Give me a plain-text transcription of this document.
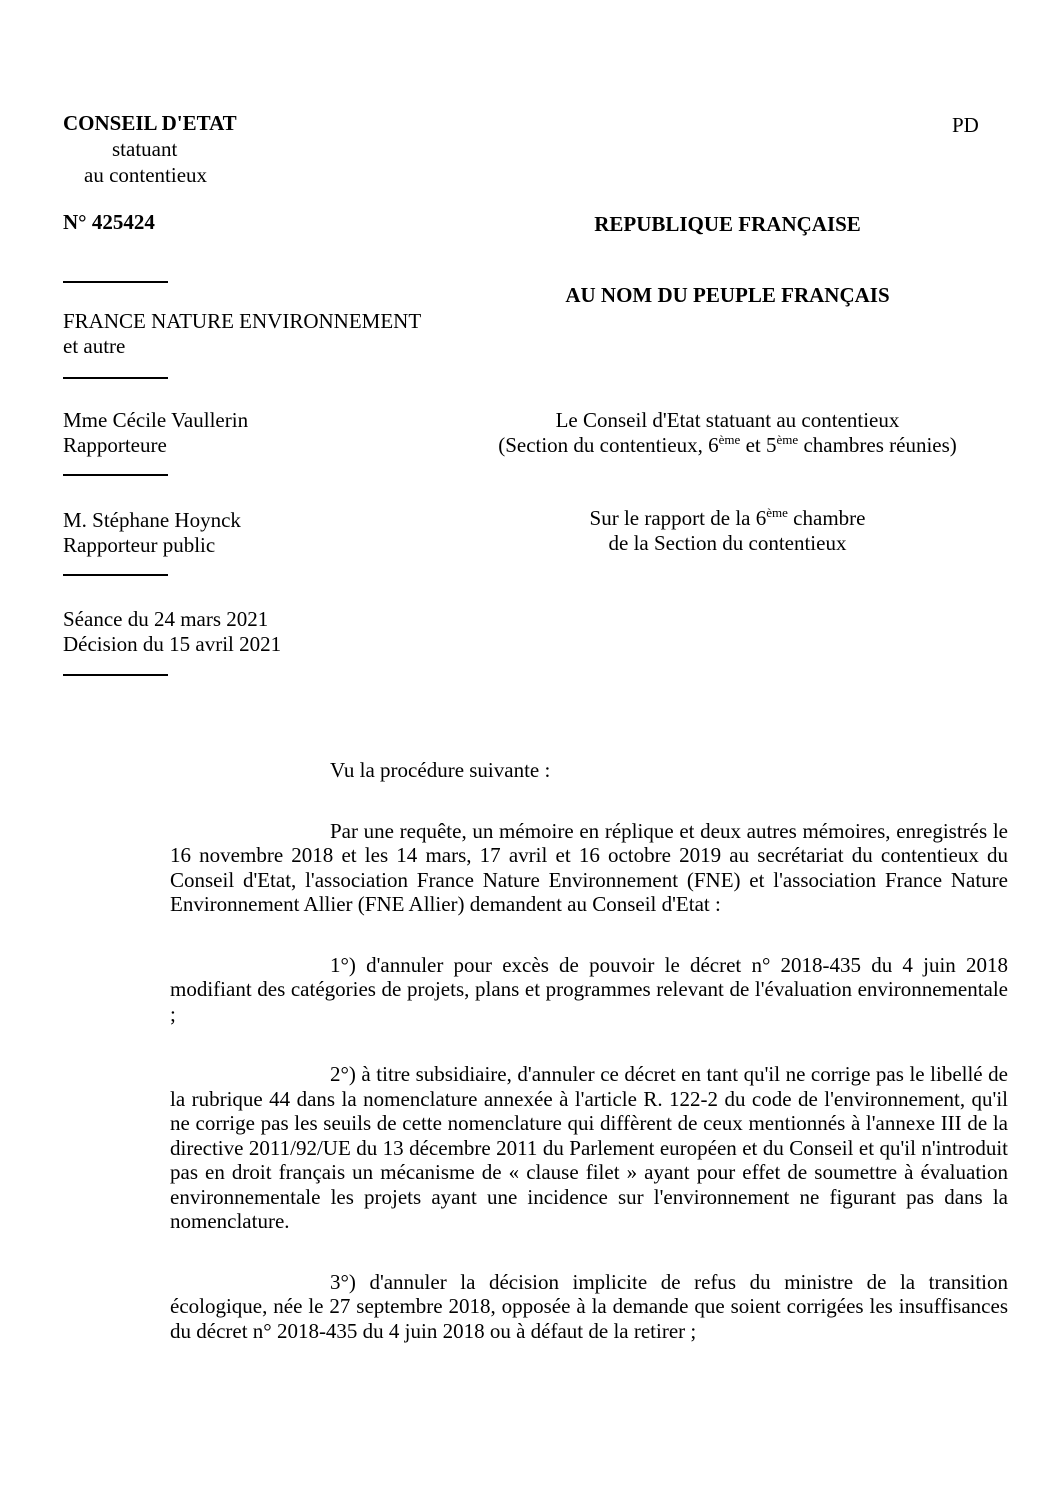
CONSEIL D'ETAT
statuant
au contentieux
PD
N° 425424	REPUBLIQUE FRANÇAISE
AU NOM DU PEUPLE FRANÇAIS
FRANCE NATURE ENVIRONNEMENT
et autre
Mme Cécile Vaullerin
Rapporteure
M. Stéphane Hoynck
Rapporteur public
Séance du 24 mars 2021
Décision du 15 avril 2021
Le Conseil d'Etat statuant au contentieux
(Section du contentieux, 6ème et 5ème chambres réunies)
Sur le rapport de la 6ème chambre
de la Section du contentieux

Vu la procédure suivante :

Par une requête, un mémoire en réplique et deux autres mémoires, enregistrés le 16 novembre 2018 et les 14 mars, 17 avril et 16 octobre 2019 au secrétariat du contentieux du Conseil d'Etat, l'association France Nature Environnement (FNE) et l'association France Nature Environnement Allier (FNE Allier) demandent au Conseil d'Etat :

1°) d'annuler pour excès de pouvoir le décret n° 2018-435 du 4 juin 2018 modifiant des catégories de projets, plans et programmes relevant de l'évaluation environnementale ;

2°) à titre subsidiaire, d'annuler ce décret en tant qu'il ne corrige pas le libellé de la rubrique 44 dans la nomenclature annexée à l'article R. 122-2 du code de l'environnement, qu'il ne corrige pas les seuils de cette nomenclature qui diffèrent de ceux mentionnés à l'annexe III de la directive 2011/92/UE du 13 décembre 2011 du Parlement européen et du Conseil et qu'il n'introduit pas en droit français un mécanisme de « clause filet » ayant pour effet de soumettre à évaluation environnementale les projets ayant une incidence sur l'environnement ne figurant pas dans la nomenclature.

3°) d'annuler la décision implicite de refus du ministre de la transition écologique, née le 27 septembre 2018, opposée à la demande que soient corrigées les insuffisances du décret n° 2018-435 du 4 juin 2018 ou à défaut de la retirer ;
